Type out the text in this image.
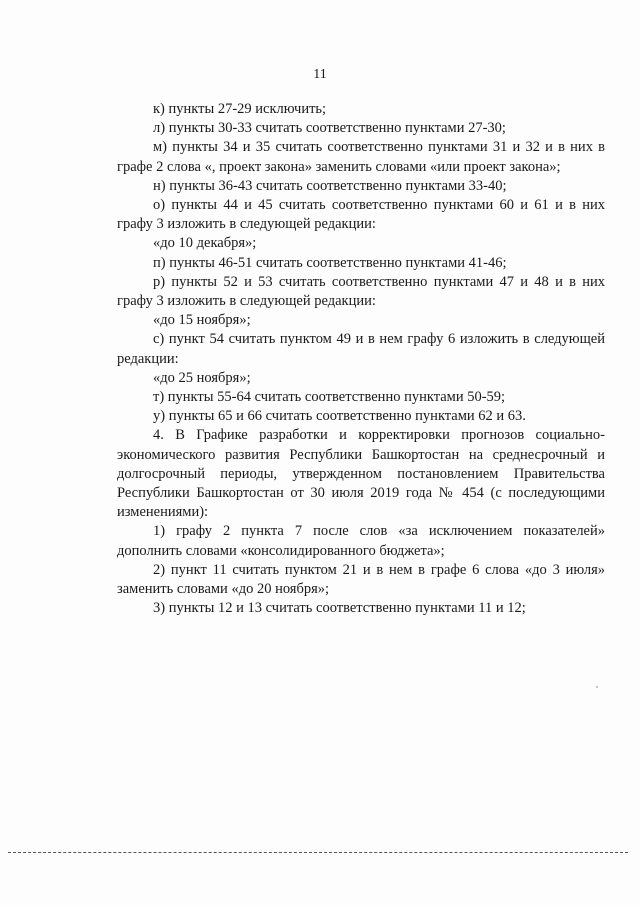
11

к) пункты 27-29 исключить;

л) пункты 30-33 считать соответственно пунктами 27-30;

м) пункты 34 и 35 считать соответственно пунктами 31 и 32 и в них в графе 2 слова «, проект закона» заменить словами «или проект закона»;

н) пункты 36-43 считать соответственно пунктами 33-40;

о) пункты 44 и 45 считать соответственно пунктами 60 и 61 и в них графу 3 изложить в следующей редакции:

«до 10 декабря»;

п) пункты 46-51 считать соответственно пунктами 41-46;

р) пункты 52 и 53 считать соответственно пунктами 47 и 48 и в них графу 3 изложить в следующей редакции:

«до 15 ноября»;

с) пункт 54 считать пунктом 49 и в нем графу 6 изложить в следующей редакции:

«до 25 ноября»;

т) пункты 55-64 считать соответственно пунктами 50-59;

у) пункты 65 и 66 считать соответственно пунктами 62 и 63.

4. В Графике разработки и корректировки прогнозов социально-экономического развития Республики Башкортостан на среднесрочный и долгосрочный периоды, утвержденном постановлением Правительства Республики Башкортостан от 30 июля 2019 года № 454 (с последующими изменениями):

1) графу 2 пункта 7 после слов «за исключением показателей» дополнить словами «консолидированного бюджета»;

2) пункт 11 считать пунктом 21 и в нем в графе 6 слова «до 3 июля» заменить словами «до 20 ноября»;

3) пункты 12 и 13 считать соответственно пунктами 11 и 12;
